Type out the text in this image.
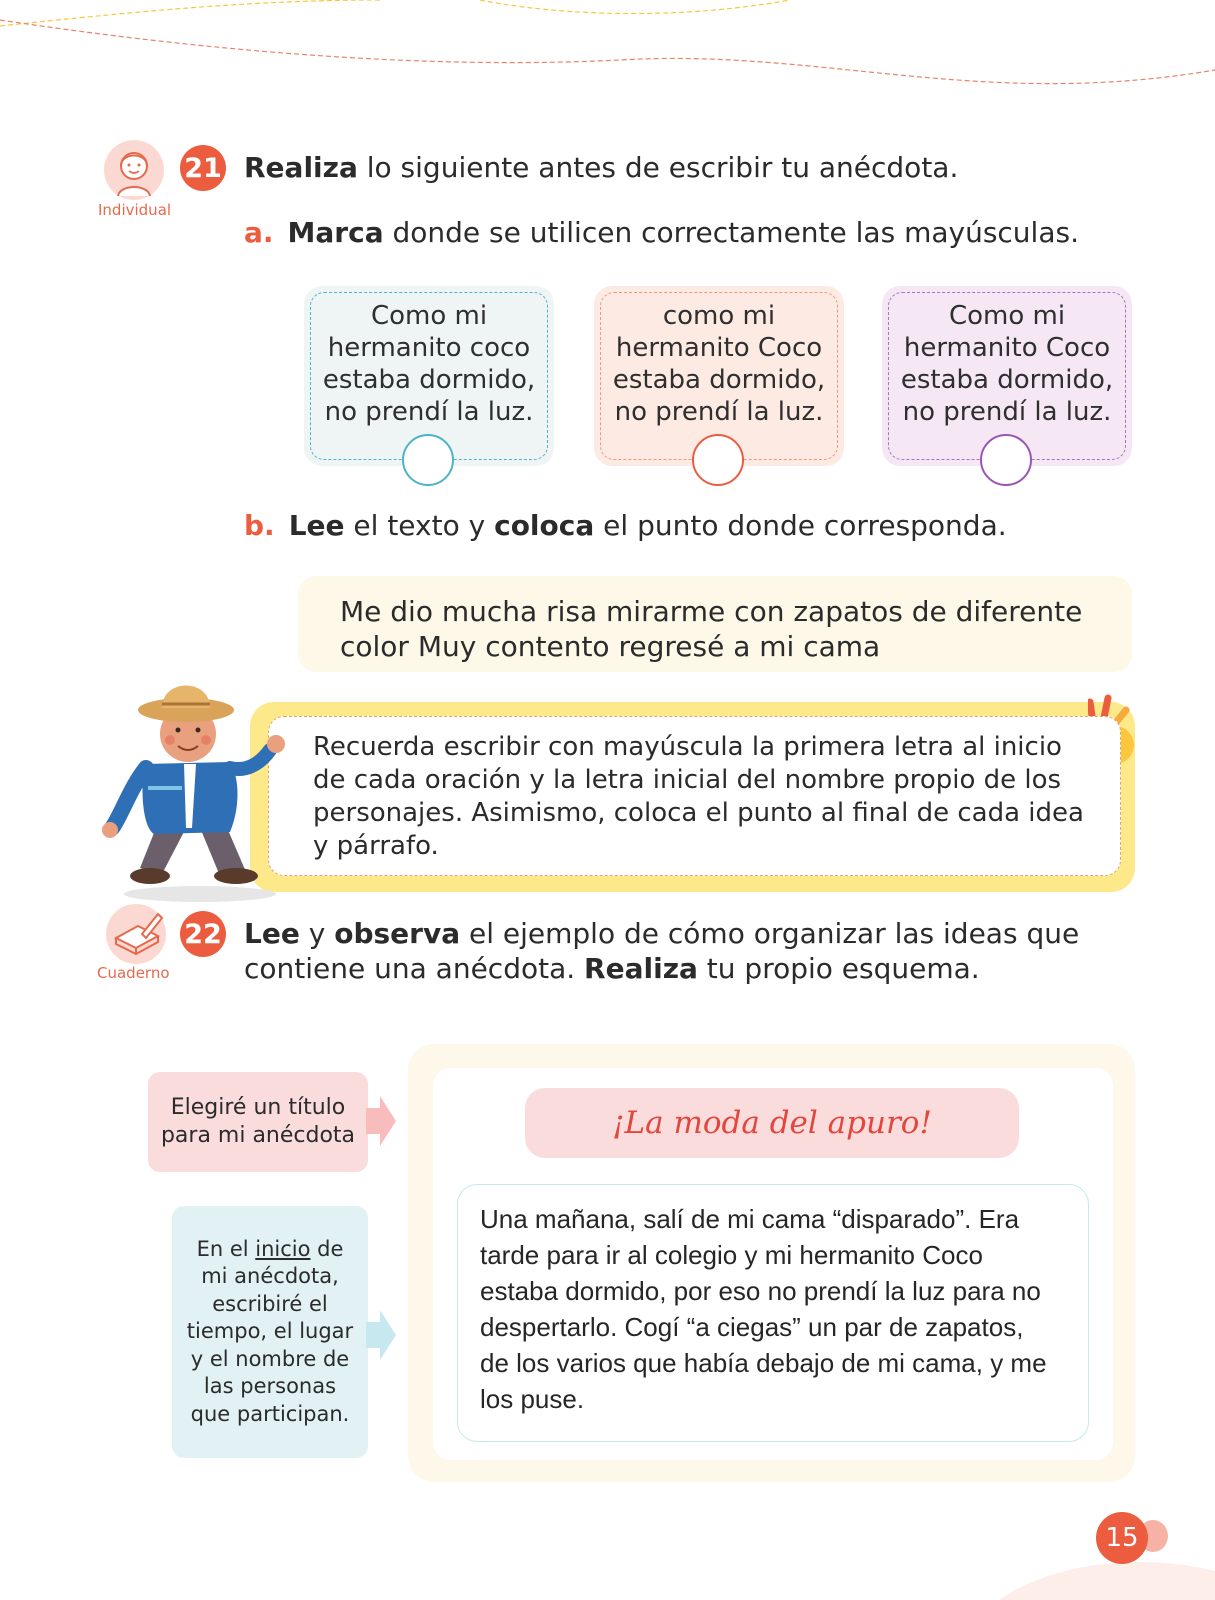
Individual
21 Realiza lo siguiente antes de escribir tu anécdota.
a. Marca donde se utilicen correctamente las mayúsculas.
Como mi
hermanito coco
estaba dormido,
no prendí la luz.
como mi
hermanito Coco
estaba dormido,
no prendí la luz.
Como mi
hermanito Coco
estaba dormido,
no prendí la luz.
b. Lee el texto y coloca el punto donde corresponda.
Me dio mucha risa mirarme con zapatos de diferente
color Muy contento regresé a mi cama
Recuerda escribir con mayúscula la primera letra al inicio
de cada oración y la letra inicial del nombre propio de los
personajes. Asimismo, coloca el punto al final de cada idea
y párrafo.
Cuaderno
22 Lee y observa el ejemplo de cómo organizar las ideas que
contiene una anécdota. Realiza tu propio esquema.
Elegiré un título
para mi anécdota
En el inicio de
mi anécdota,
escribiré el
tiempo, el lugar
y el nombre de
las personas
que participan.
¡La moda del apuro!
Una mañana, salí de mi cama “disparado”. Era
tarde para ir al colegio y mi hermanito Coco
estaba dormido, por eso no prendí la luz para no
despertarlo. Cogí “a ciegas” un par de zapatos,
de los varios que había debajo de mi cama, y me
los puse.
15
